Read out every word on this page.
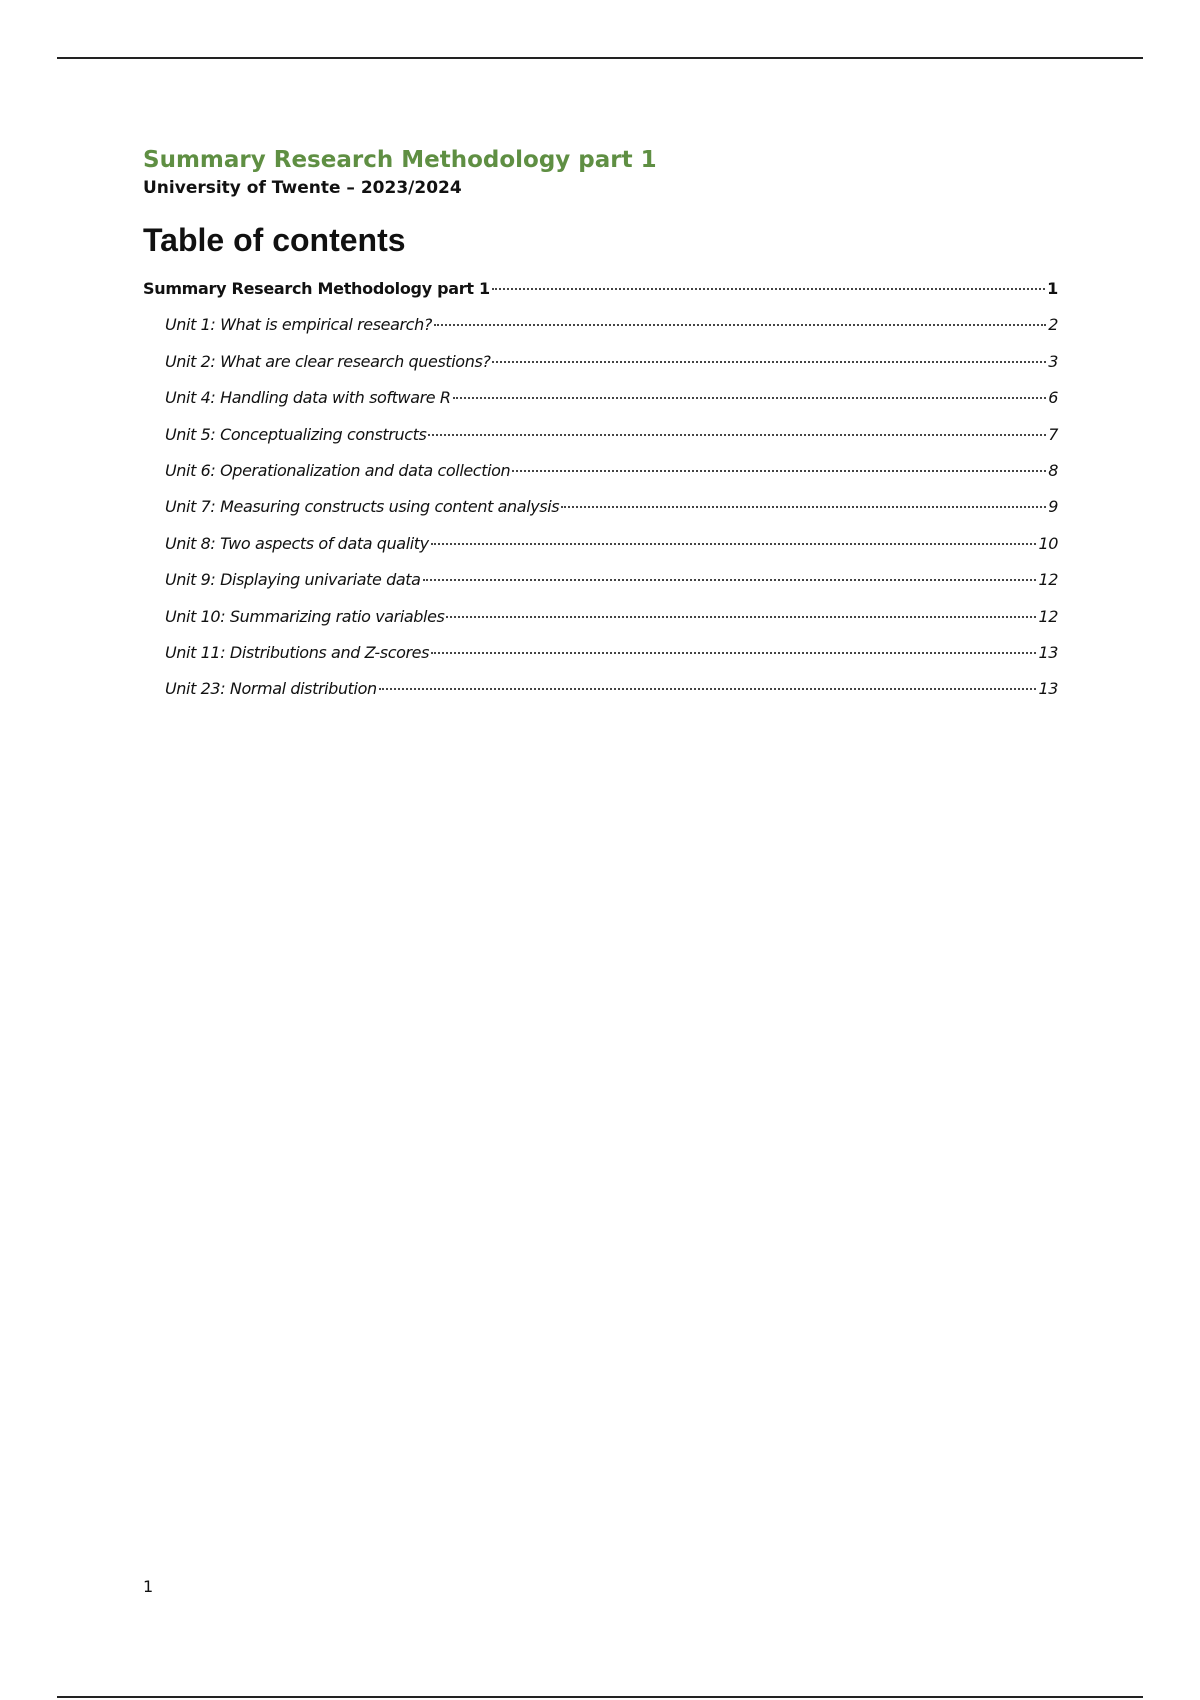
Summary Research Methodology part 1

University of Twente – 2023/2024

Table of contents
Summary Research Methodology part 1	1
Unit 1: What is empirical research?	2
Unit 2: What are clear research questions?	3
Unit 4: Handling data with software R	6
Unit 5: Conceptualizing constructs	7
Unit 6: Operationalization and data collection	8
Unit 7: Measuring constructs using content analysis	9
Unit 8: Two aspects of data quality	10
Unit 9: Displaying univariate data	12
Unit 10: Summarizing ratio variables	12
Unit 11: Distributions and Z-scores	13
Unit 23: Normal distribution	13
1
